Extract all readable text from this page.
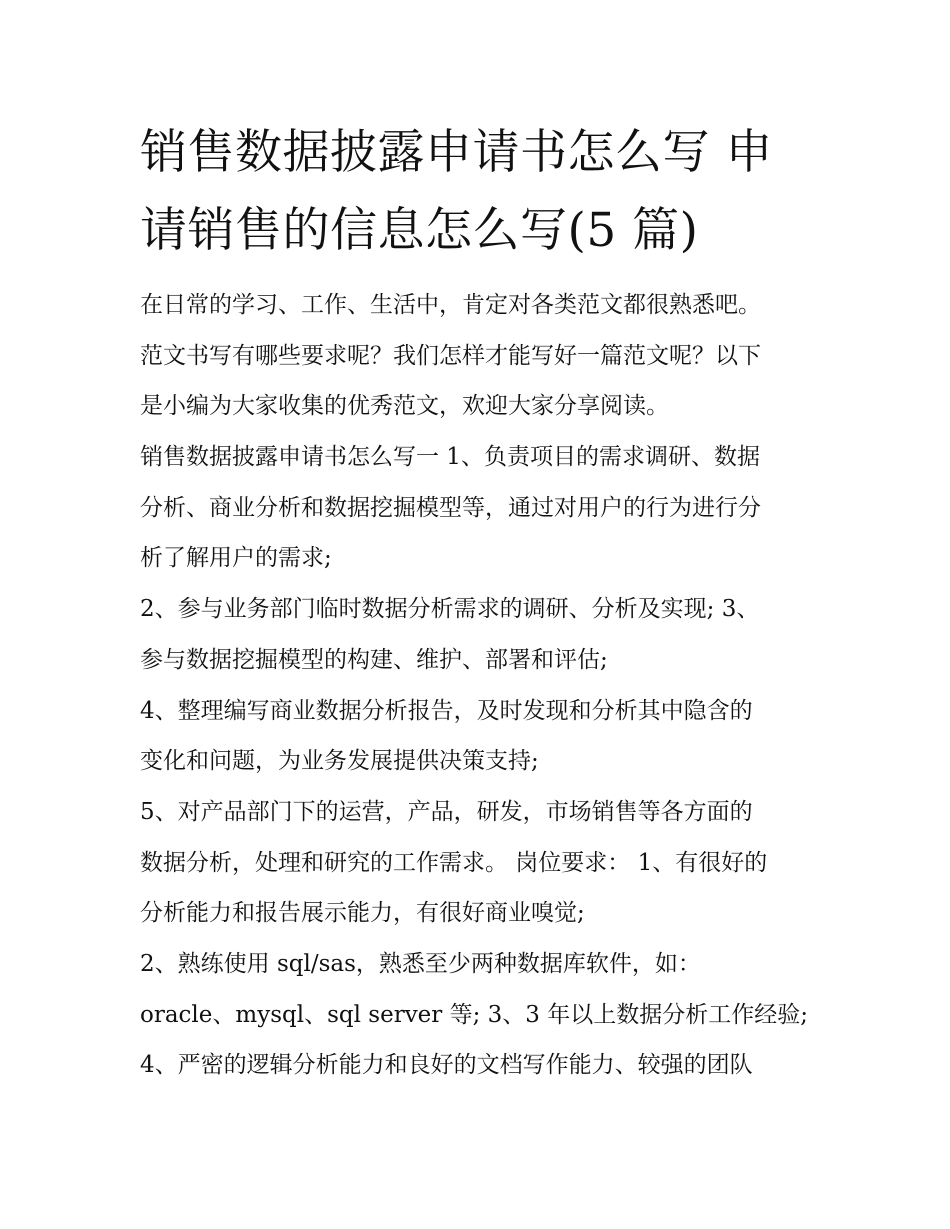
销售数据披露申请书怎么写 申
请销售的信息怎么写(5 篇)
在日常的学习、工作、生活中，肯定对各类范文都很熟悉吧。
范文书写有哪些要求呢？我们怎样才能写好一篇范文呢？以下
是小编为大家收集的优秀范文，欢迎大家分享阅读。
销售数据披露申请书怎么写一 1、负责项目的需求调研、数据
分析、商业分析和数据挖掘模型等，通过对用户的行为进行分
析了解用户的需求;
2、参与业务部门临时数据分析需求的调研、分析及实现; 3、
参与数据挖掘模型的构建、维护、部署和评估;
4、整理编写商业数据分析报告，及时发现和分析其中隐含的
变化和问题，为业务发展提供决策支持;
5、对产品部门下的运营，产品，研发，市场销售等各方面的
数据分析，处理和研究的工作需求。 岗位要求： 1、有很好的
分析能力和报告展示能力，有很好商业嗅觉;
2、熟练使用 sql/sas，熟悉至少两种数据库软件，如：
oracle、mysql、sql server 等; 3、3 年以上数据分析工作经验;
4、严密的逻辑分析能力和良好的文档写作能力、较强的团队
